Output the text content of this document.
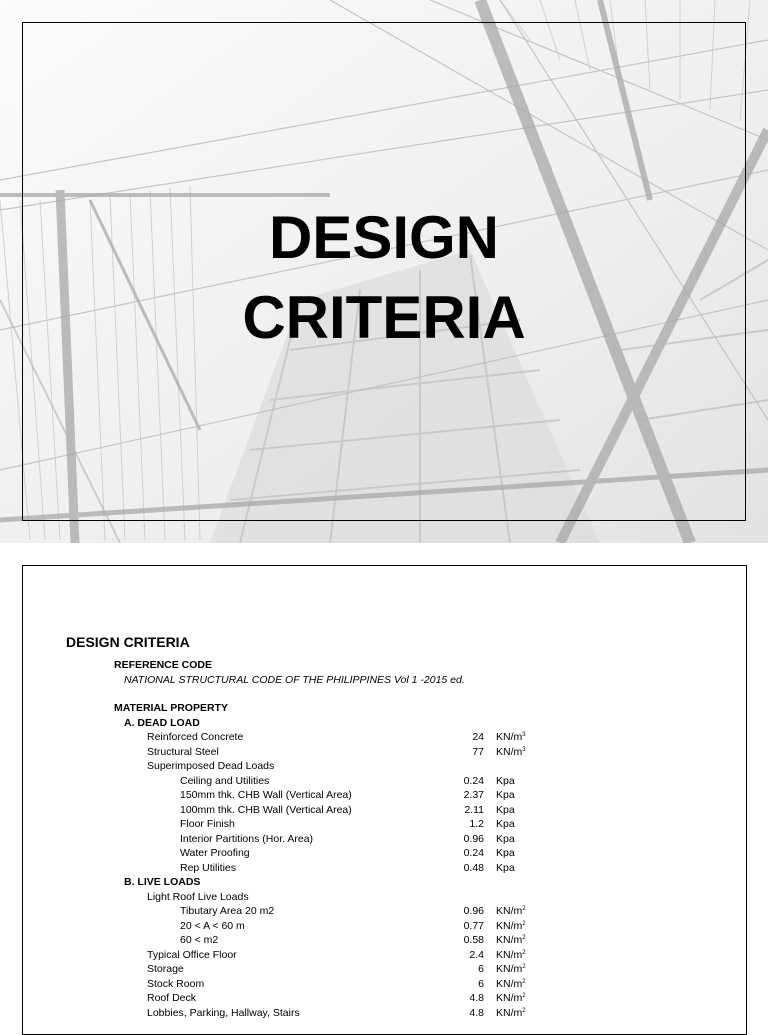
DESIGN
CRITERIA
DESIGN CRITERIA
REFERENCE CODE
NATIONAL STRUCTURAL CODE OF THE PHILIPPINES Vol 1 -2015 ed.
MATERIAL PROPERTY
A. DEAD LOAD
Reinforced Concrete	24 $KN/m^3$
Structural Steel	77 $KN/m^3$
Superimposed Dead Loads
Ceiling and Utilities	0.24 Kpa
150mm thk. CHB Wall (Vertical Area)	2.37 Kpa
100mm thk. CHB Wall (Vertical Area)	2.11 Kpa
Floor Finish	1.2 Kpa
Interior Partitions (Hor. Area)	0.96 Kpa
Water Proofing	0.24 Kpa
Rep Utilities	0.48 Kpa
B. LIVE LOADS
Light Roof Live Loads
Tibutary Area 20 m2	0.96 $KN/m^2$
20 < A < 60 m	0.77 $KN/m^2$
60 < m2	0.58 $KN/m^2$
Typical Office Floor	2.4 $KN/m^2$
Storage	6 $KN/m^2$
Stock Room	6 $KN/m^2$
Roof Deck	4.8 $KN/m^2$
Lobbies, Parking, Hallway, Stairs	4.8 $KN/m^2$
